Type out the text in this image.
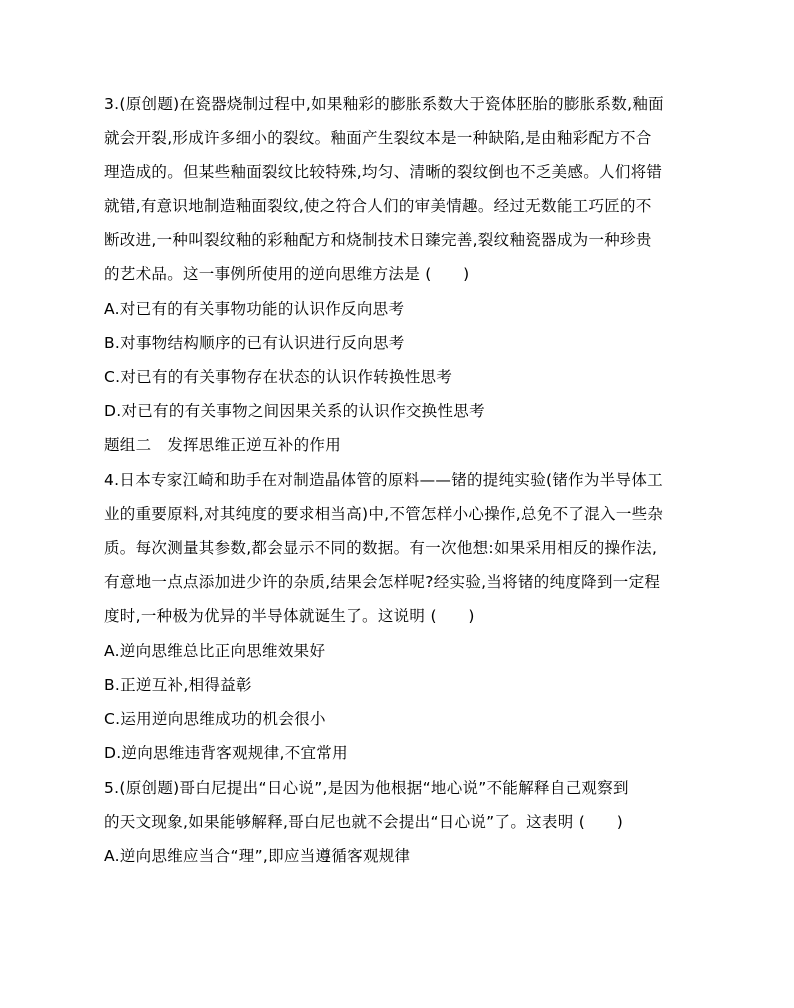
3.(原创题)在瓷器烧制过程中,如果釉彩的膨胀系数大于瓷体胚胎的膨胀系数,釉面
就会开裂,形成许多细小的裂纹。釉面产生裂纹本是一种缺陷,是由釉彩配方不合
理造成的。但某些釉面裂纹比较特殊,均匀、清晰的裂纹倒也不乏美感。人们将错
就错,有意识地制造釉面裂纹,使之符合人们的审美情趣。经过无数能工巧匠的不
断改进,一种叫裂纹釉的彩釉配方和烧制技术日臻完善,裂纹釉瓷器成为一种珍贵
的艺术品。这一事例所使用的逆向思维方法是 (　　)
A.对已有的有关事物功能的认识作反向思考
B.对事物结构顺序的已有认识进行反向思考
C.对已有的有关事物存在状态的认识作转换性思考
D.对已有的有关事物之间因果关系的认识作交换性思考
题组二　发挥思维正逆互补的作用
4.日本专家江崎和助手在对制造晶体管的原料——锗的提纯实验(锗作为半导体工
业的重要原料,对其纯度的要求相当高)中,不管怎样小心操作,总免不了混入一些杂
质。每次测量其参数,都会显示不同的数据。有一次他想:如果采用相反的操作法,
有意地一点点添加进少许的杂质,结果会怎样呢?经实验,当将锗的纯度降到一定程
度时,一种极为优异的半导体就诞生了。这说明 (　　)
A.逆向思维总比正向思维效果好
B.正逆互补,相得益彰
C.运用逆向思维成功的机会很小
D.逆向思维违背客观规律,不宜常用
5.(原创题)哥白尼提出“日心说”,是因为他根据“地心说”不能解释自己观察到
的天文现象,如果能够解释,哥白尼也就不会提出“日心说”了。这表明 (　　)
A.逆向思维应当合“理”,即应当遵循客观规律
